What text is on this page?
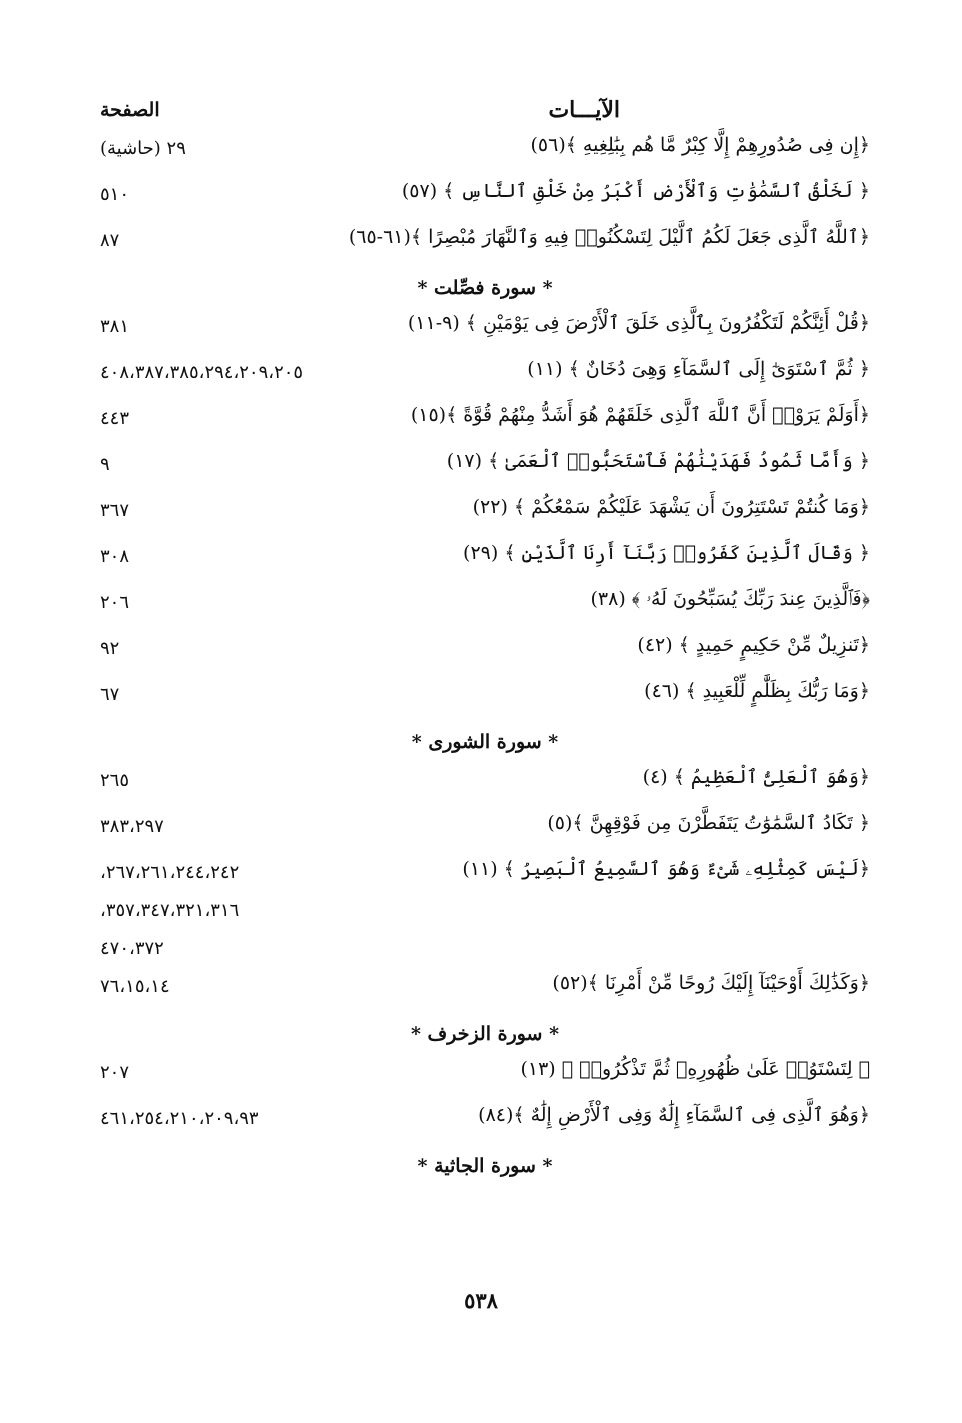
الآيـــات
الصفحة
﴿إِن فِى صُدُورِهِمْ إِلَّا كِبْرٌ مَّا هُم بِبَٰلِغِيهِ ﴾(٥٦)
٢٩ (حاشية)
﴿ لَخَلْقُ ٱلسَّمَٰوَٰتِ وَٱلْأَرْضِ أَكْبَرُ مِنْ خَلْقِ ٱلنَّاسِ ﴾ (٥٧)
٥١٠
﴿ٱللَّهُ ٱلَّذِى جَعَلَ لَكُمُ ٱلَّيْلَ لِتَسْكُنُوا۟ فِيهِ وَٱلنَّهَارَ مُبْصِرًا ﴾(٦١-٦٥)
٨٧
* سورة فصِّلت *
﴿قُلْ أَئِنَّكُمْ لَتَكْفُرُونَ بِٱلَّذِى خَلَقَ ٱلْأَرْضَ فِى يَوْمَيْنِ ﴾ (٩-١١)
٣٨١
﴿ ثُمَّ ٱسْتَوَىٰٓ إِلَى ٱلسَّمَآءِ وَهِىَ دُخَانٌ ﴾ (١١)
٤٠٨،٣٨٧،٣٨٥،٢٩٤،٢٠٩،٢٠٥
﴿أَوَلَمْ يَرَوْا۟ أَنَّ ٱللَّهَ ٱلَّذِى خَلَقَهُمْ هُوَ أَشَدُّ مِنْهُمْ قُوَّةً ﴾(١٥)
٤٤٣
﴿ وَأَمَّا ثَمُودُ فَهَدَيْنَٰهُمْ فَٱسْتَحَبُّوا۟ ٱلْعَمَىٰ ﴾ (١٧)
٩
﴿وَمَا كُنتُمْ تَسْتَتِرُونَ أَن يَشْهَدَ عَلَيْكُمْ سَمْعُكُمْ ﴾ (٢٢)
٣٦٧
﴿ وَقَالَ ٱلَّذِينَ كَفَرُوا۟ رَبَّنَآ أَرِنَا ٱلَّذَيْنِ ﴾ (٢٩)
٣٠٨
﴿فَٱلَّذِينَ عِندَ رَبِّكَ يُسَبِّحُونَ لَهُۥ ﴾ (٣٨)
٢٠٦
﴿تَنزِيلٌ مِّنْ حَكِيمٍ حَمِيدٍ ﴾ (٤٢)
٩٢
﴿وَمَا رَبُّكَ بِظَلَّٰمٍ لِّلْعَبِيدِ ﴾ (٤٦)
٦٧
* سورة الشورى *
﴿وَهُوَ ٱلْعَلِىُّ ٱلْعَظِيمُ ﴾ (٤)
٢٦٥
﴿ تَكَادُ ٱلسَّمَٰوَٰتُ يَتَفَطَّرْنَ مِن فَوْقِهِنَّ ﴾(٥)
٣٨٣،٢٩٧
﴿لَيْسَ كَمِثْلِهِۦ شَىْءٌ وَهُوَ ٱلسَّمِيعُ ٱلْبَصِيرُ ﴾ (١١)
،٢٦٧،٢٦١،٢٤٤،٢٤٢
،٣٥٧،٣٤٧،٣٢١،٣١٦
٤٧٠،٣٧٢
﴿وَكَذَٰلِكَ أَوْحَيْنَآ إِلَيْكَ رُوحًا مِّنْ أَمْرِنَا ﴾(٥٢)
٧٦،١٥،١٤
* سورة الزخرف *
﴿ لِتَسْتَوُا۟ عَلَىٰ ظُهُورِهِۦ ثُمَّ تَذْكُرُوا۟ ﴾ (١٣)
٢٠٧
﴿وَهُوَ ٱلَّذِى فِى ٱلسَّمَآءِ إِلَٰهٌ وَفِى ٱلْأَرْضِ إِلَٰهٌ ﴾(٨٤)
٤٦١،٢٥٤،٢١٠،٢٠٩،٩٣
* سورة الجاثية *
٥٣٨
